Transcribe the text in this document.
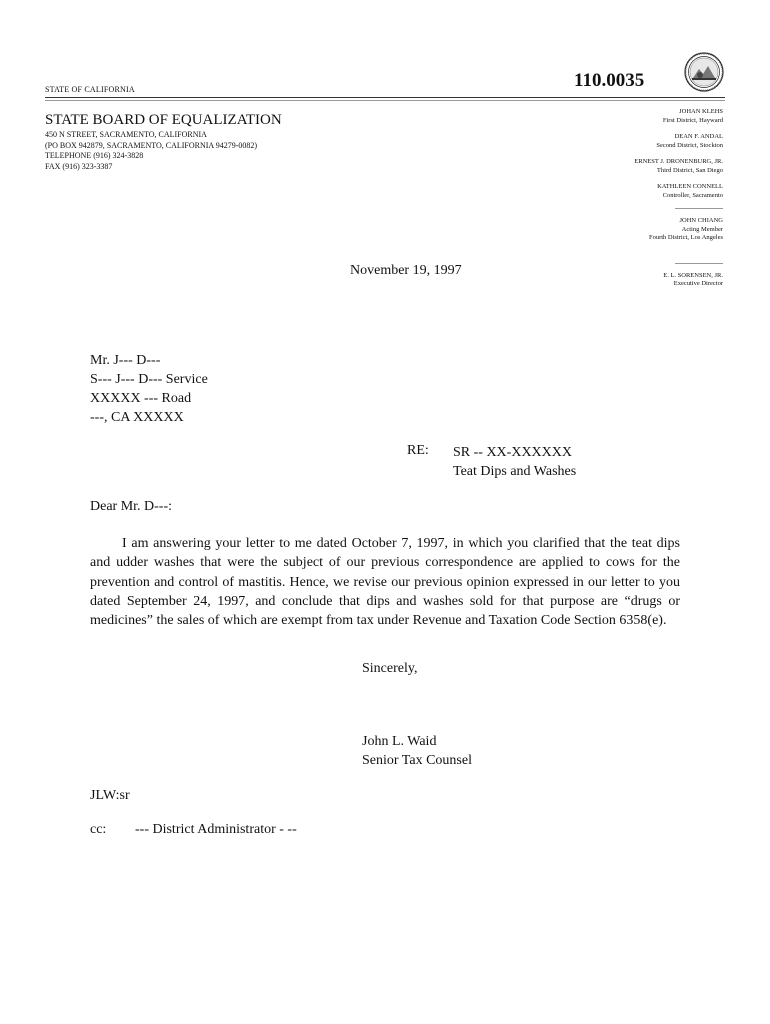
STATE OF CALIFORNIA	110.0035
STATE BOARD OF EQUALIZATION
450 N STREET, SACRAMENTO, CALIFORNIA
(PO BOX 942879, SACRAMENTO, CALIFORNIA 94279-0082)
TELEPHONE (916) 324-3828
FAX (916) 323-3387
JOHAN KLEHS
First District, Hayward
DEAN F. ANDAL
Second District, Stockton
ERNEST J. DRONENBURG, JR.
Third District, San Diego
KATHLEEN CONNELL
Controller, Sacramento
JOHN CHIANG
Acting Member
Fourth District, Los Angeles
E. L. SORENSEN, JR.
Executive Director
November 19, 1997
Mr. J--- D---
S--- J--- D--- Service
XXXXX --- Road
---, CA XXXXX
RE: SR -- XX-XXXXXX
Teat Dips and Washes
Dear Mr. D---:
I am answering your letter to me dated October 7, 1997, in which you clarified that the teat dips and udder washes that were the subject of our previous correspondence are applied to cows for the prevention and control of mastitis. Hence, we revise our previous opinion expressed in our letter to you dated September 24, 1997, and conclude that dips and washes sold for that purpose are “drugs or medicines” the sales of which are exempt from tax under Revenue and Taxation Code Section 6358(e).
Sincerely,
John L. Waid
Senior Tax Counsel
JLW:sr
cc: --- District Administrator - --
